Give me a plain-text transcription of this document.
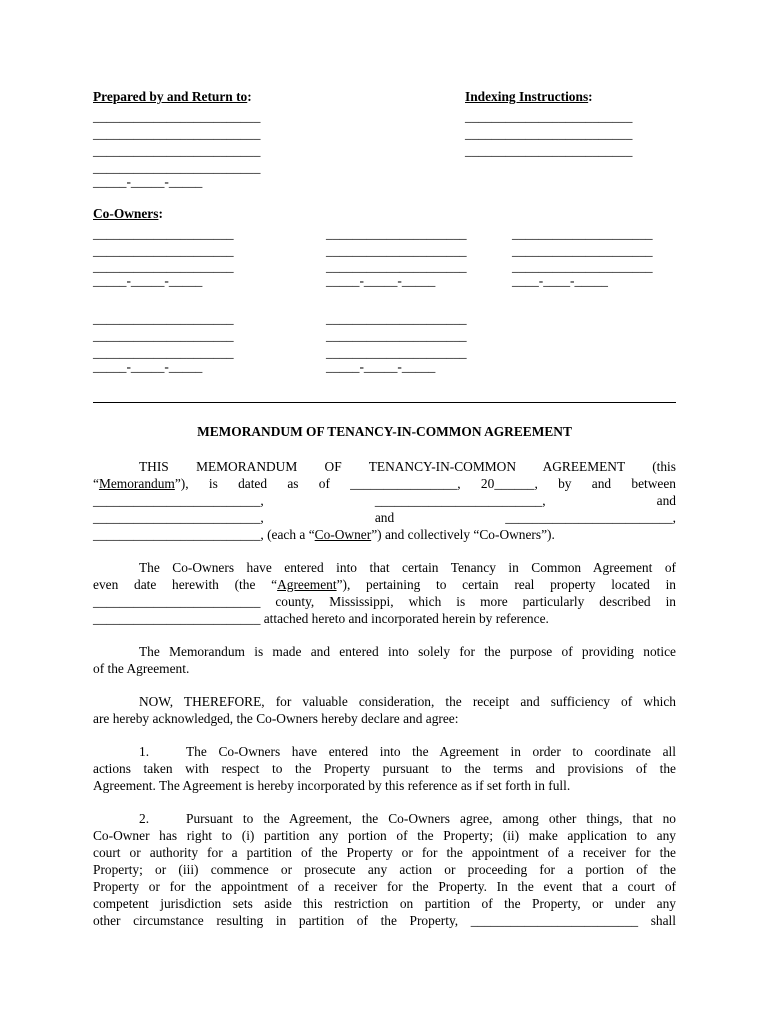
Prepared by and Return to:
_________________________
_________________________
_________________________
_________________________
_____-_____-_____
Indexing Instructions:
_________________________
_________________________
_________________________
Co-Owners:
_____________________
_____________________
_____________________
_____-_____-_____
_____________________
_____________________
_____________________
_____-_____-_____
_____________________
_____________________
_____________________
____-____-_____
_____________________
_____________________
_____________________
_____-_____-_____
_____________________
_____________________
_____________________
_____-_____-_____
MEMORANDUM OF TENANCY-IN-COMMON AGREEMENT
THIS MEMORANDUM OF TENANCY-IN-COMMON AGREEMENT (this
“Memorandum”), is dated as of ________________, 20______, by and between
_________________________,	_________________________,	and
_________________________,	and	_________________________,
_________________________, (each a “Co-Owner”) and collectively “Co-Owners”).
The Co-Owners have entered into that certain Tenancy in Common Agreement of
even date herewith (the “Agreement”), pertaining to certain real property located in
_________________________ county, Mississippi, which is more particularly described in
_________________________ attached hereto and incorporated herein by reference.
The Memorandum is made and entered into solely for the purpose of providing notice
of the Agreement.
NOW, THEREFORE, for valuable consideration, the receipt and sufficiency of which
are hereby acknowledged, the Co-Owners hereby declare and agree:
1.	The Co-Owners have entered into the Agreement in order to coordinate all
actions taken with respect to the Property pursuant to the terms and provisions of the
Agreement. The Agreement is hereby incorporated by this reference as if set forth in full.
2.	Pursuant to the Agreement, the Co-Owners agree, among other things, that no
Co-Owner has right to (i) partition any portion of the Property; (ii) make application to any
court or authority for a partition of the Property or for the appointment of a receiver for the
Property; or (iii) commence or prosecute any action or proceeding for a portion of the
Property or for the appointment of a receiver for the Property. In the event that a court of
competent jurisdiction sets aside this restriction on partition of the Property, or under any
other circumstance resulting in partition of the Property, _________________________ shall
